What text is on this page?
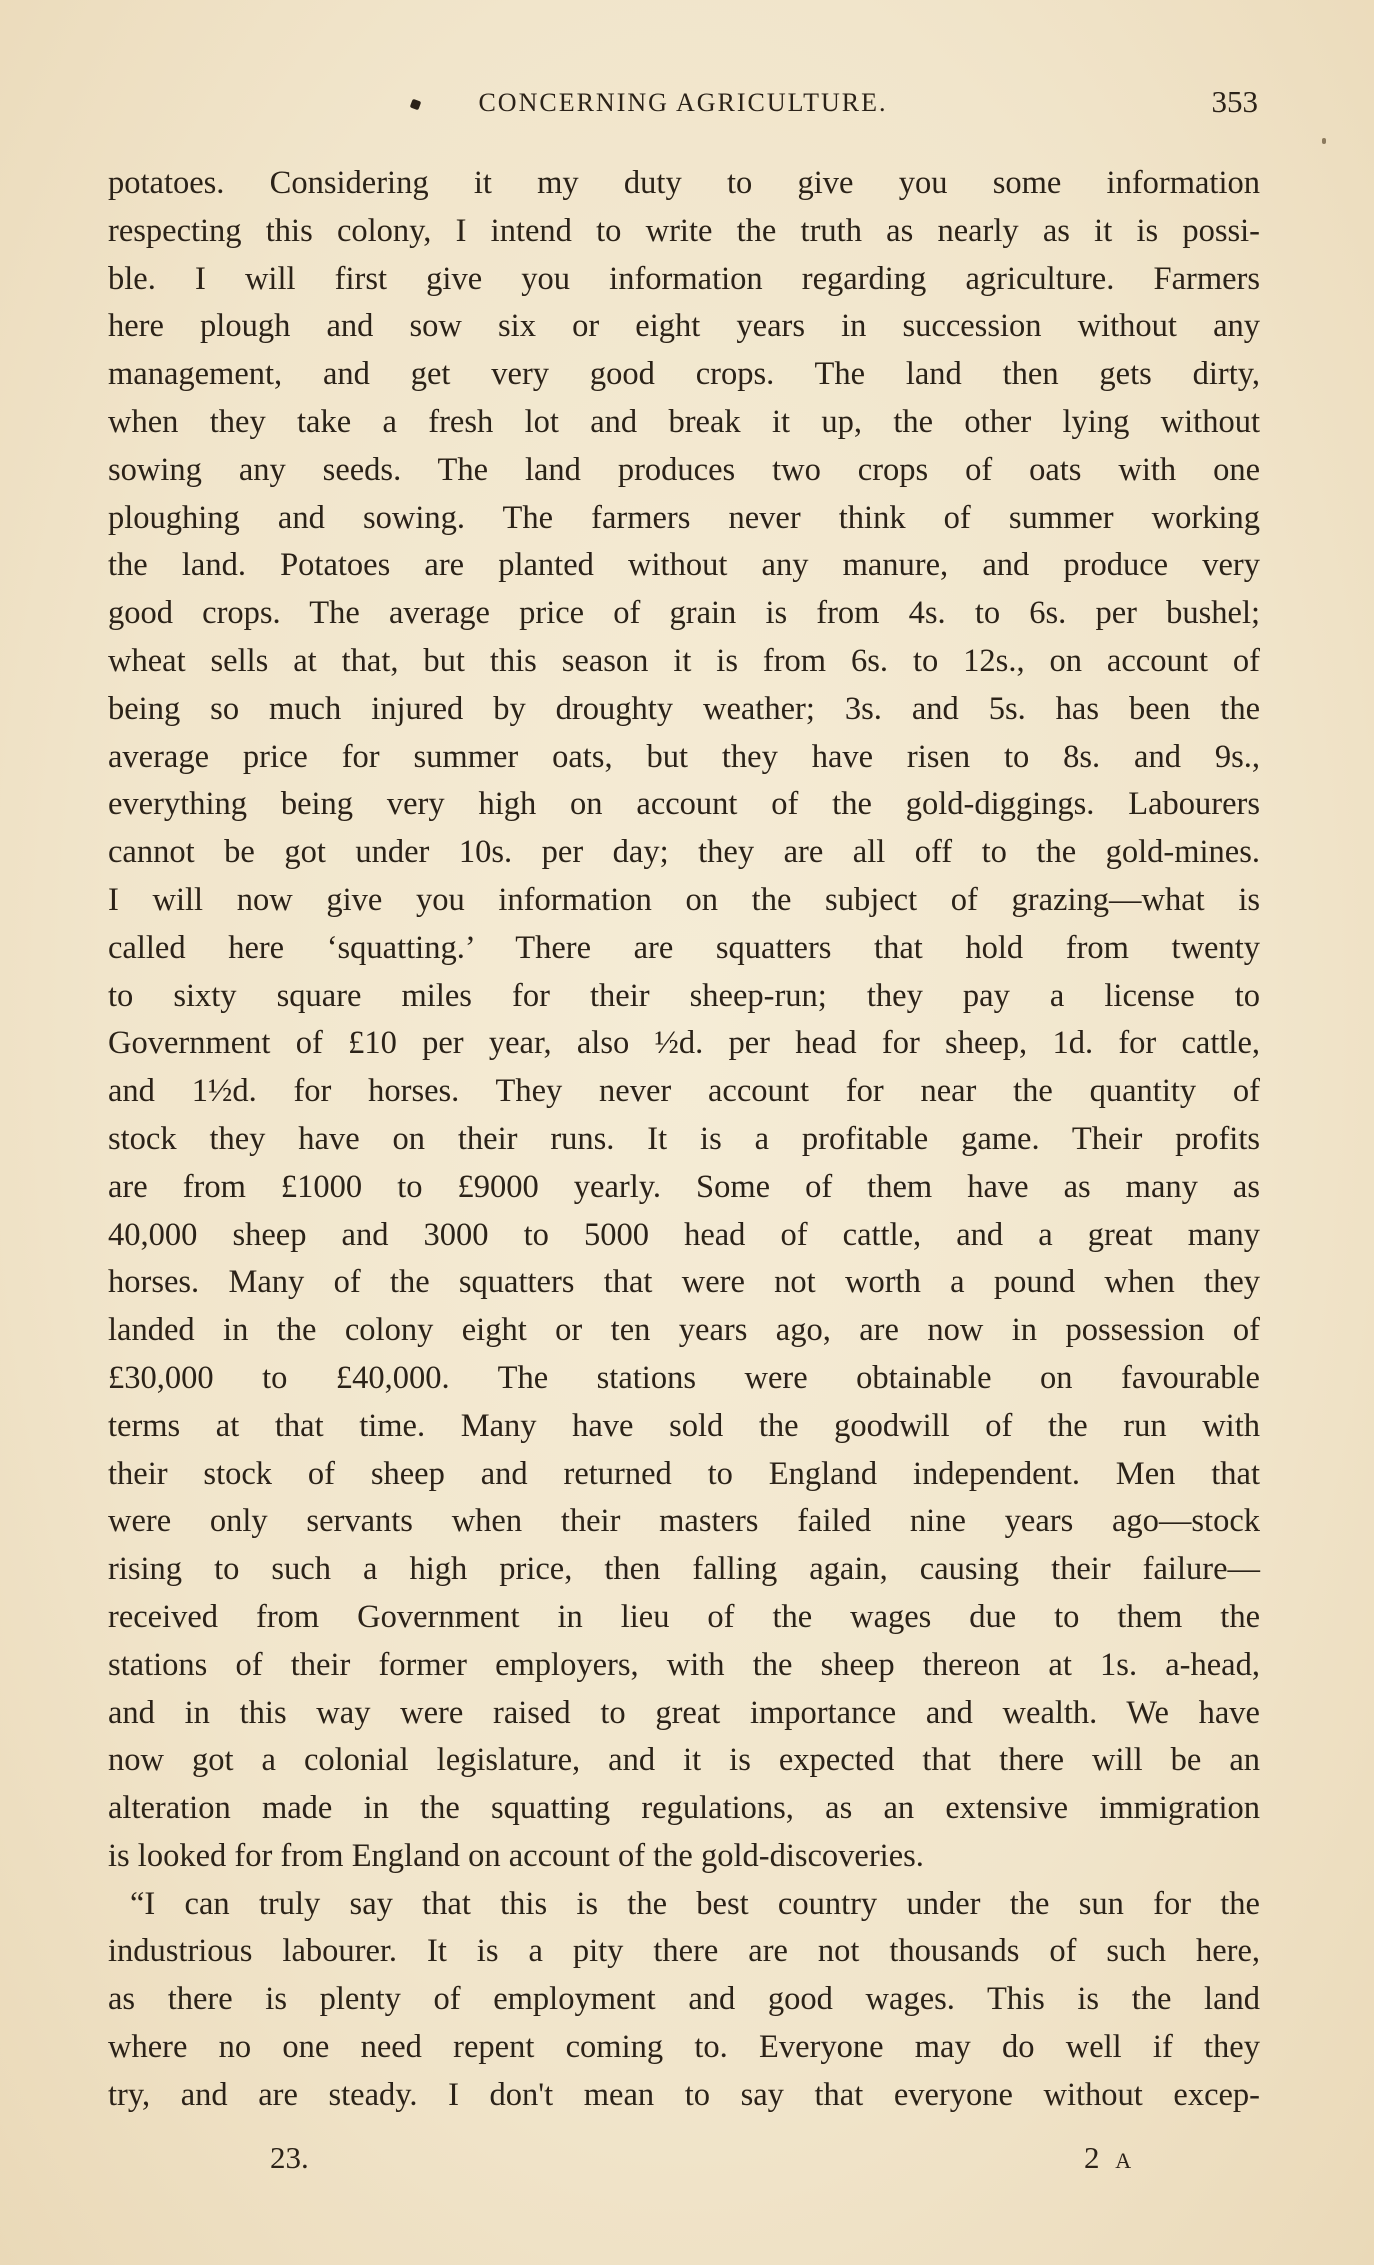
CONCERNING AGRICULTURE.	353
potatoes. Considering it my duty to give you some information
respecting this colony, I intend to write the truth as nearly as it is possi-
ble. I will first give you information regarding agriculture. Farmers
here plough and sow six or eight years in succession without any
management, and get very good crops. The land then gets dirty,
when they take a fresh lot and break it up, the other lying without
sowing any seeds. The land produces two crops of oats with one
ploughing and sowing. The farmers never think of summer working
the land. Potatoes are planted without any manure, and produce very
good crops. The average price of grain is from 4s. to 6s. per bushel;
wheat sells at that, but this season it is from 6s. to 12s., on account of
being so much injured by droughty weather; 3s. and 5s. has been the
average price for summer oats, but they have risen to 8s. and 9s.,
everything being very high on account of the gold-diggings. Labourers
cannot be got under 10s. per day; they are all off to the gold-mines.
I will now give you information on the subject of grazing—what is
called here ‘squatting.’ There are squatters that hold from twenty
to sixty square miles for their sheep-run; they pay a license to
Government of £10 per year, also ½d. per head for sheep, 1d. for cattle,
and 1½d. for horses. They never account for near the quantity of
stock they have on their runs. It is a profitable game. Their profits
are from £1000 to £9000 yearly. Some of them have as many as
40,000 sheep and 3000 to 5000 head of cattle, and a great many
horses. Many of the squatters that were not worth a pound when they
landed in the colony eight or ten years ago, are now in possession of
£30,000 to £40,000. The stations were obtainable on favourable
terms at that time. Many have sold the goodwill of the run with
their stock of sheep and returned to England independent. Men that
were only servants when their masters failed nine years ago—stock
rising to such a high price, then falling again, causing their failure—
received from Government in lieu of the wages due to them the
stations of their former employers, with the sheep thereon at 1s. a-head,
and in this way were raised to great importance and wealth. We have
now got a colonial legislature, and it is expected that there will be an
alteration made in the squatting regulations, as an extensive immigration
is looked for from England on account of the gold-discoveries.
“I can truly say that this is the best country under the sun for the
industrious labourer. It is a pity there are not thousands of such here,
as there is plenty of employment and good wages. This is the land
where no one need repent coming to. Everyone may do well if they
try, and are steady. I don't mean to say that everyone without excep-
23.	2 A
